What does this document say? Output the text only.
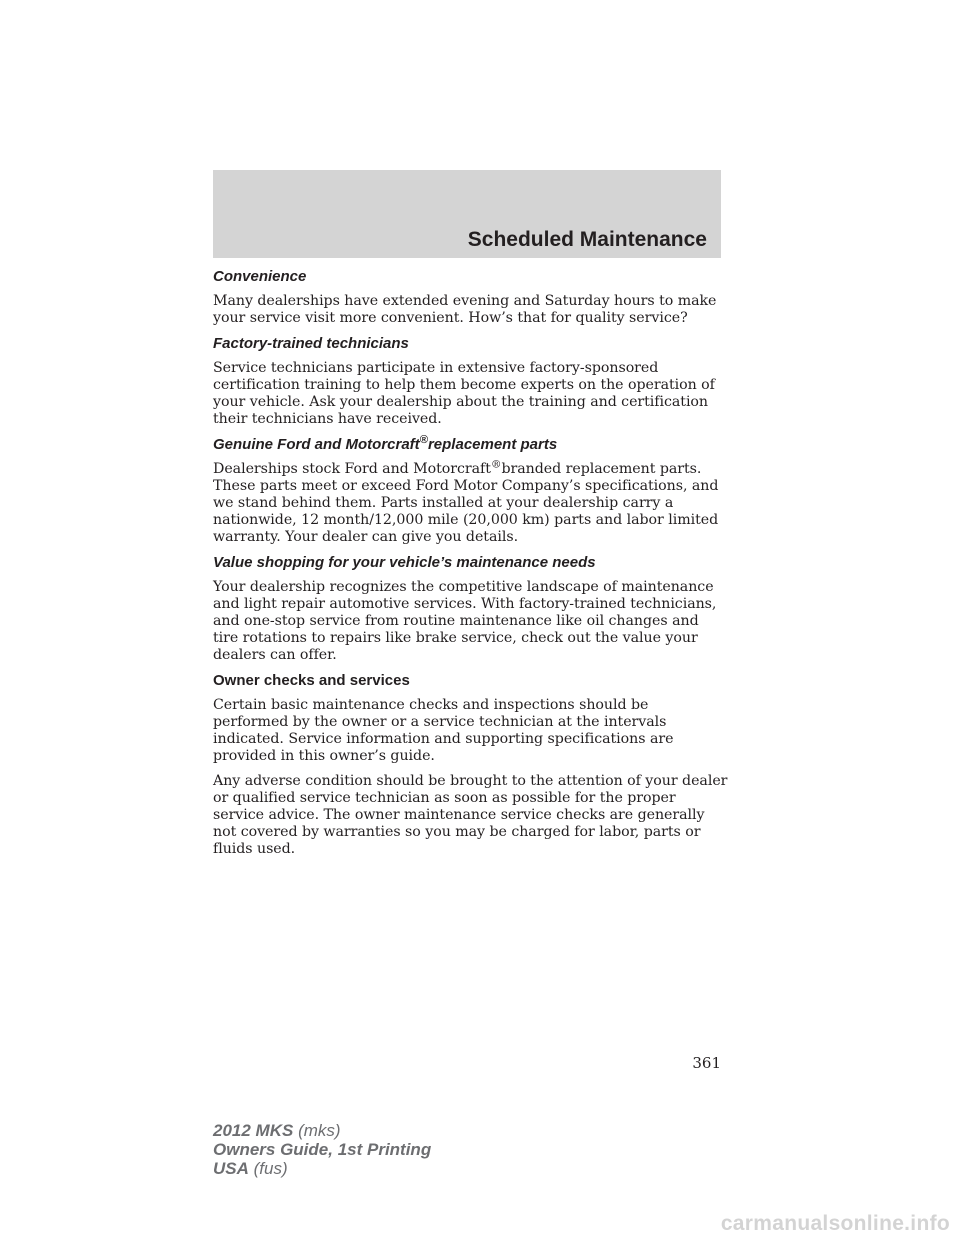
Scheduled Maintenance
Convenience

Many dealerships have extended evening and Saturday hours to make your service visit more convenient. How’s that for quality service?

Factory-trained technicians

Service technicians participate in extensive factory-sponsored certification training to help them become experts on the operation of your vehicle. Ask your dealership about the training and certification their technicians have received.

Genuine Ford and Motorcraft®replacement parts

Dealerships stock Ford and Motorcraft®branded replacement parts. These parts meet or exceed Ford Motor Company’s specifications, and we stand behind them. Parts installed at your dealership carry a nationwide, 12 month/12,000 mile (20,000 km) parts and labor limited warranty. Your dealer can give you details.

Value shopping for your vehicle’s maintenance needs

Your dealership recognizes the competitive landscape of maintenance and light repair automotive services. With factory-trained technicians, and one-stop service from routine maintenance like oil changes and tire rotations to repairs like brake service, check out the value your dealers can offer.

Owner checks and services

Certain basic maintenance checks and inspections should be performed by the owner or a service technician at the intervals indicated. Service information and supporting specifications are provided in this owner’s guide.

Any adverse condition should be brought to the attention of your dealer or qualified service technician as soon as possible for the proper service advice. The owner maintenance service checks are generally not covered by warranties so you may be charged for labor, parts or fluids used.

361
2012 MKS (mks)
Owners Guide, 1st Printing
USA (fus)
carmanualsonline.info
